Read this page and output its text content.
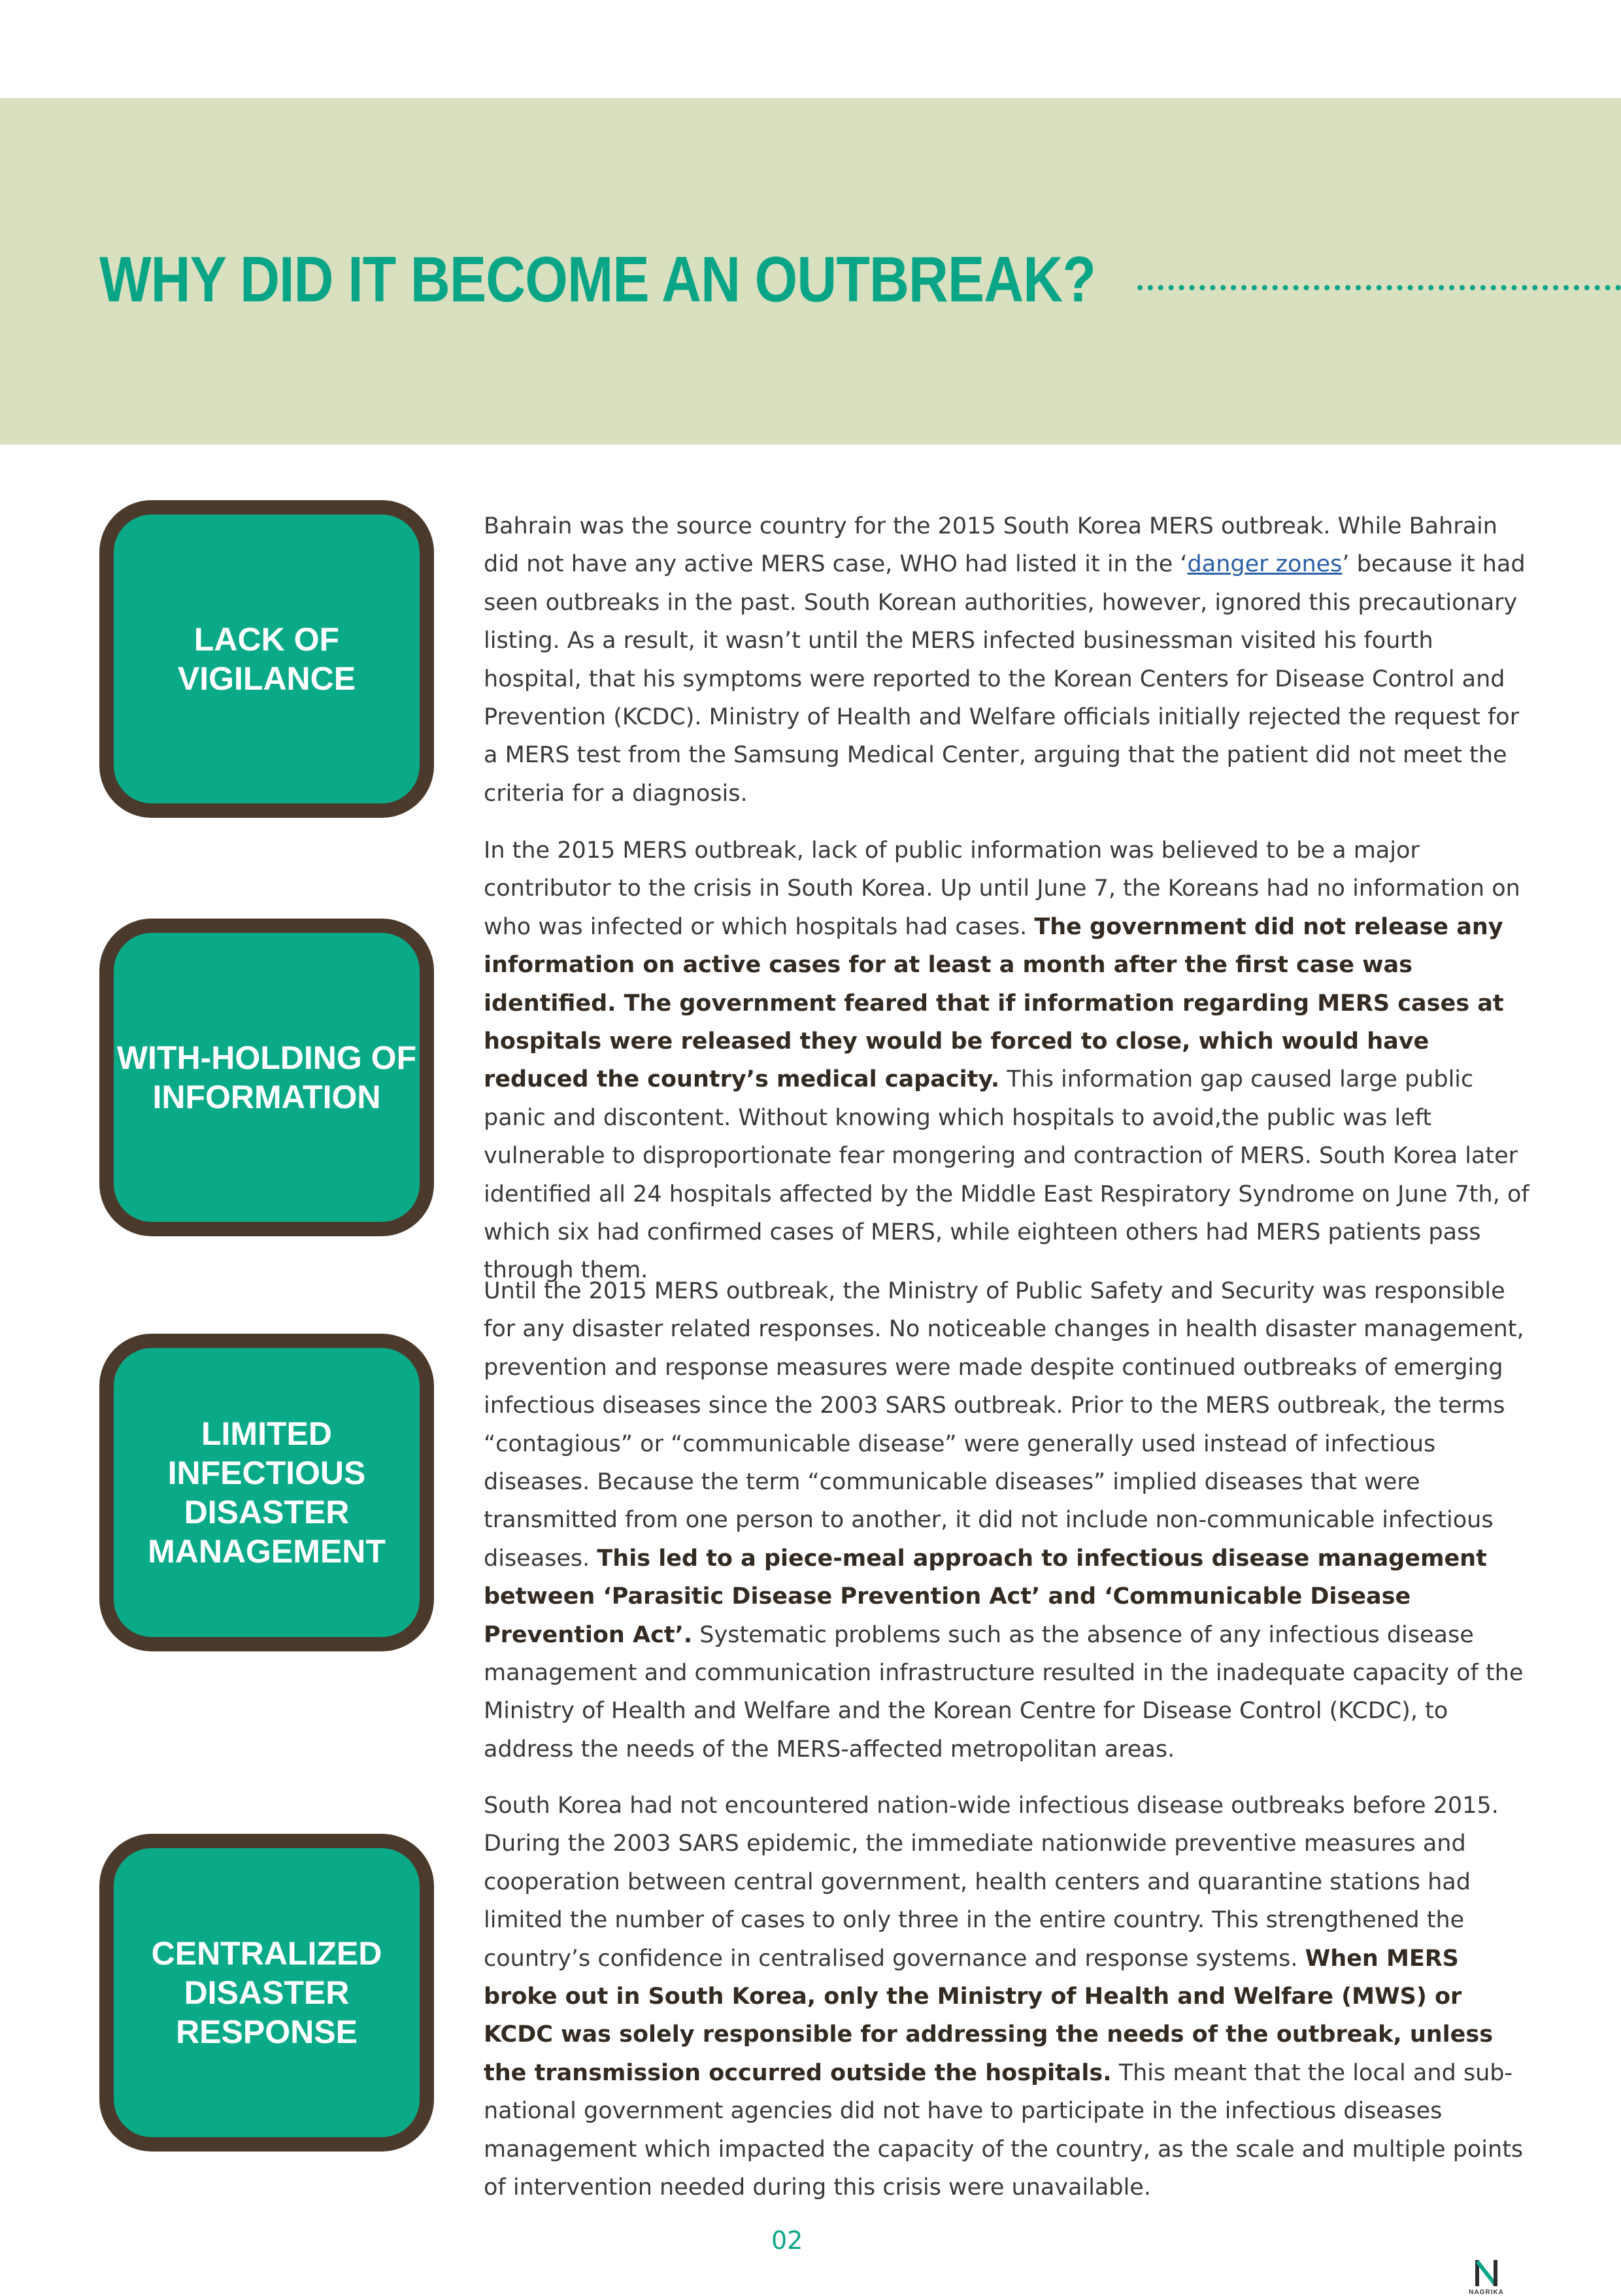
WHY DID IT BECOME AN OUTBREAK?
LACK OF
VIGILANCE

Bahrain was the source country for the 2015 South Korea MERS outbreak. While Bahrain did not have any active MERS case, WHO had listed it in the ‘danger zones’ because it had seen outbreaks in the past. South Korean authorities, however, ignored this precautionary listing. As a result, it wasn’t until the MERS infected businessman visited his fourth hospital, that his symptoms were reported to the Korean Centers for Disease Control and Prevention (KCDC). Ministry of Health and Welfare officials initially rejected the request for a MERS test from the Samsung Medical Center, arguing that the patient did not meet the criteria for a diagnosis.

WITH-HOLDING OF
INFORMATION

In the 2015 MERS outbreak, lack of public information was believed to be a major contributor to the crisis in South Korea. Up until June 7, the Koreans had no information on who was infected or which hospitals had cases. The government did not release any information on active cases for at least a month after the first case was identified. The government feared that if information regarding MERS cases at hospitals were released they would be forced to close, which would have reduced the country’s medical capacity. This information gap caused large public panic and discontent. Without knowing which hospitals to avoid,the public was left vulnerable to disproportionate fear mongering and contraction of MERS. South Korea later identified all 24 hospitals affected by the Middle East Respiratory Syndrome on June 7th, of which six had confirmed cases of MERS, while eighteen others had MERS patients pass through them.

LIMITED
INFECTIOUS
DISASTER
MANAGEMENT

Until the 2015 MERS outbreak, the Ministry of Public Safety and Security was responsible for any disaster related responses. No noticeable changes in health disaster management, prevention and response measures were made despite continued outbreaks of emerging infectious diseases since the 2003 SARS outbreak. Prior to the MERS outbreak, the terms “contagious” or “communicable disease” were generally used instead of infectious diseases. Because the term “communicable diseases” implied diseases that were transmitted from one person to another, it did not include non-communicable infectious diseases. This led to a piece-meal approach to infectious disease management between ‘Parasitic Disease Prevention Act’ and ‘Communicable Disease Prevention Act’. Systematic problems such as the absence of any infectious disease management and communication infrastructure resulted in the inadequate capacity of the Ministry of Health and Welfare and the Korean Centre for Disease Control (KCDC), to address the needs of the MERS-affected metropolitan areas.

CENTRALIZED
DISASTER
RESPONSE

South Korea had not encountered nation-wide infectious disease outbreaks before 2015. During the 2003 SARS epidemic, the immediate nationwide preventive measures and cooperation between central government, health centers and quarantine stations had limited the number of cases to only three in the entire country. This strengthened the country’s confidence in centralised governance and response systems. When MERS broke out in South Korea, only the Ministry of Health and Welfare (MWS) or KCDC was solely responsible for addressing the needs of the outbreak, unless the transmission occurred outside the hospitals. This meant that the local and sub-national government agencies did not have to participate in the infectious diseases management which impacted the capacity of the country, as the scale and multiple points of intervention needed during this crisis were unavailable.

02
NAGRIKA
